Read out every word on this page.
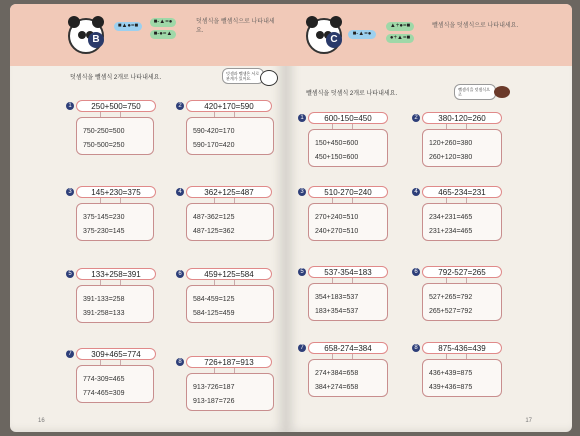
B
■▲●=■
■-▲=●
■-●=▲
덧셈식을 뺄셈식으로 나타내세요.
덧셈식을 뺄셈식 2개로 나타내세요.
덧셈과 뺄셈은 서로 관계가 있어요.
1	250+500=750
750-250=500
750-500=250
2	420+170=590
590-420=170
590-170=420
3	145+230=375
375-145=230
375-230=145
4	362+125=487
487-362=125
487-125=362
5	133+258=391
391-133=258
391-258=133
6	459+125=584
584-459=125
584-125=459
7	309+465=774
774-309=465
774-465=309
8	726+187=913
913-726=187
913-187=726
16
C	■-▲=●
▲+●=■
●+▲=■
뺄셈식을 덧셈식으로 나타내세요.
뺄셈식을 덧셈식 2개로 나타내세요.
뺄셈식을 덧셈식으로
1	600-150=450
150+450=600
450+150=600
2	380-120=260
120+260=380
260+120=380
3	510-270=240
270+240=510
240+270=510
4	465-234=231
234+231=465
231+234=465
5	537-354=183
354+183=537
183+354=537
6	792-527=265
527+265=792
265+527=792
7	658-274=384
274+384=658
384+274=658
8	875-436=439
436+439=875
439+436=875
17
